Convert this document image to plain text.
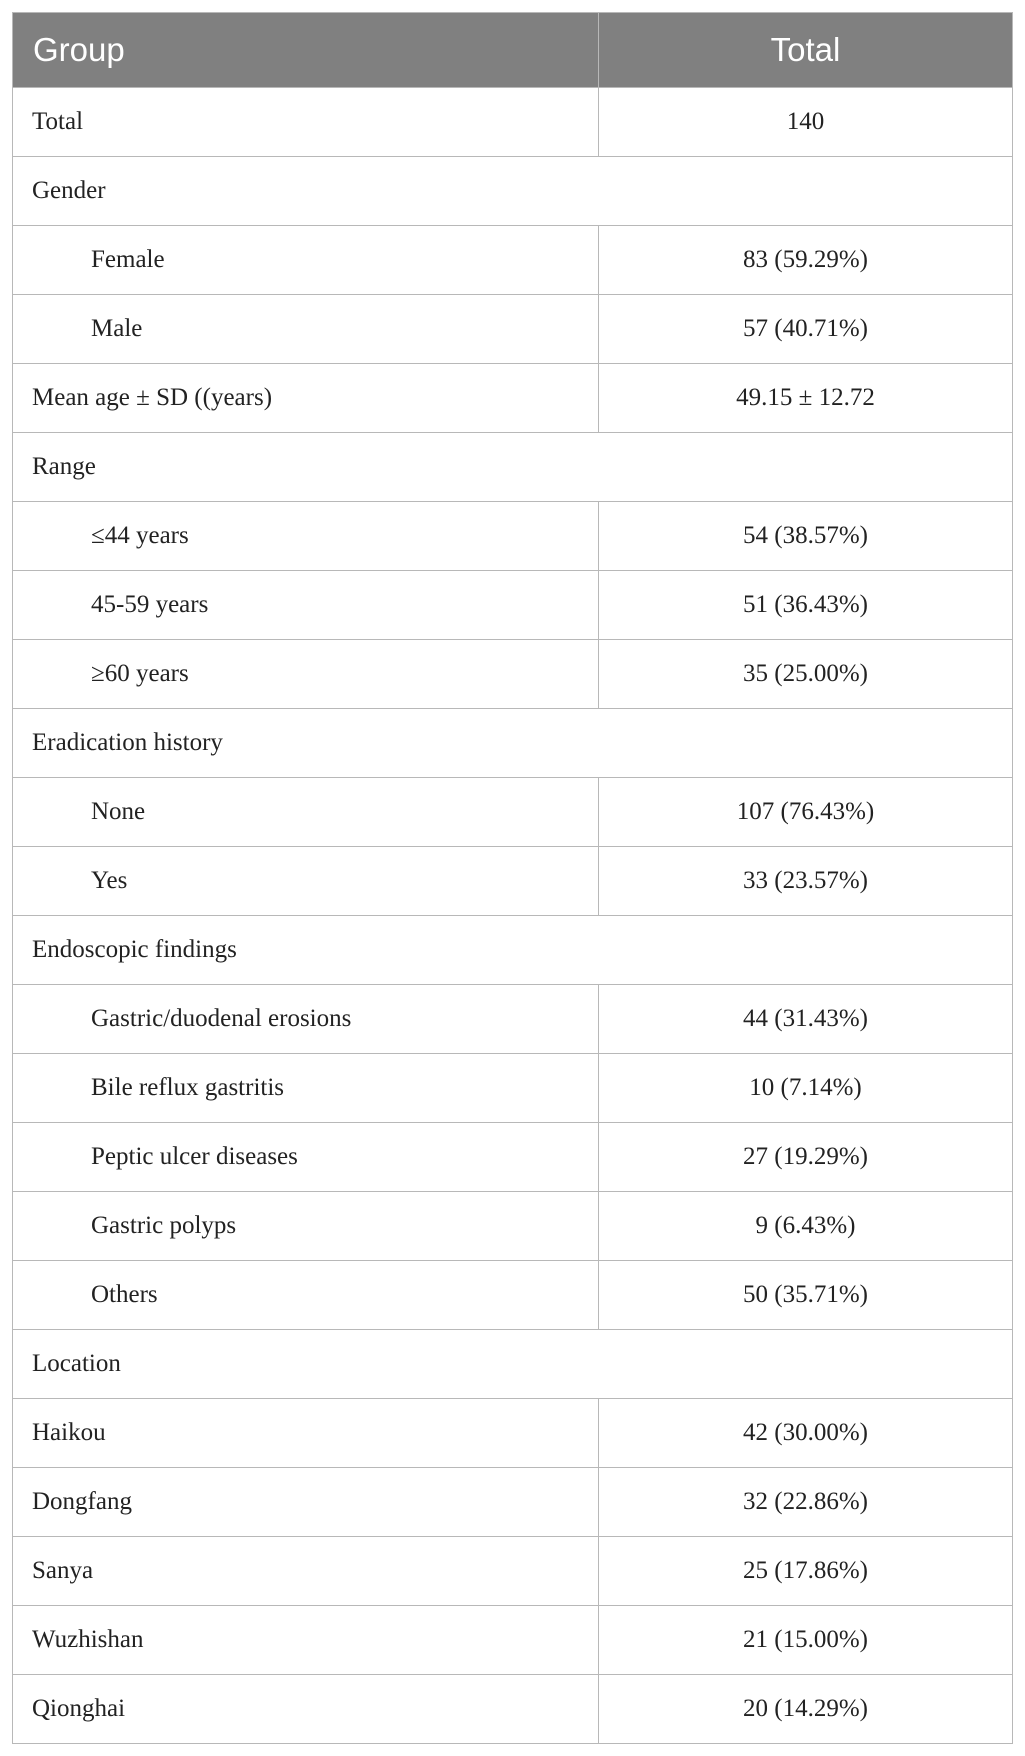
Group	Total
Total	140
Gender	
Female	83 (59.29%)
Male	57 (40.71%)
Mean age ± SD ((years)	49.15 ± 12.72
Range	
≤44 years	54 (38.57%)
45-59 years	51 (36.43%)
≥60 years	35 (25.00%)
Eradication history	
None	107 (76.43%)
Yes	33 (23.57%)
Endoscopic findings	
Gastric/duodenal erosions	44 (31.43%)
Bile reflux gastritis	10 (7.14%)
Peptic ulcer diseases	27 (19.29%)
Gastric polyps	9 (6.43%)
Others	50 (35.71%)
Location	
Haikou	42 (30.00%)
Dongfang	32 (22.86%)
Sanya	25 (17.86%)
Wuzhishan	21 (15.00%)
Qionghai	20 (14.29%)
